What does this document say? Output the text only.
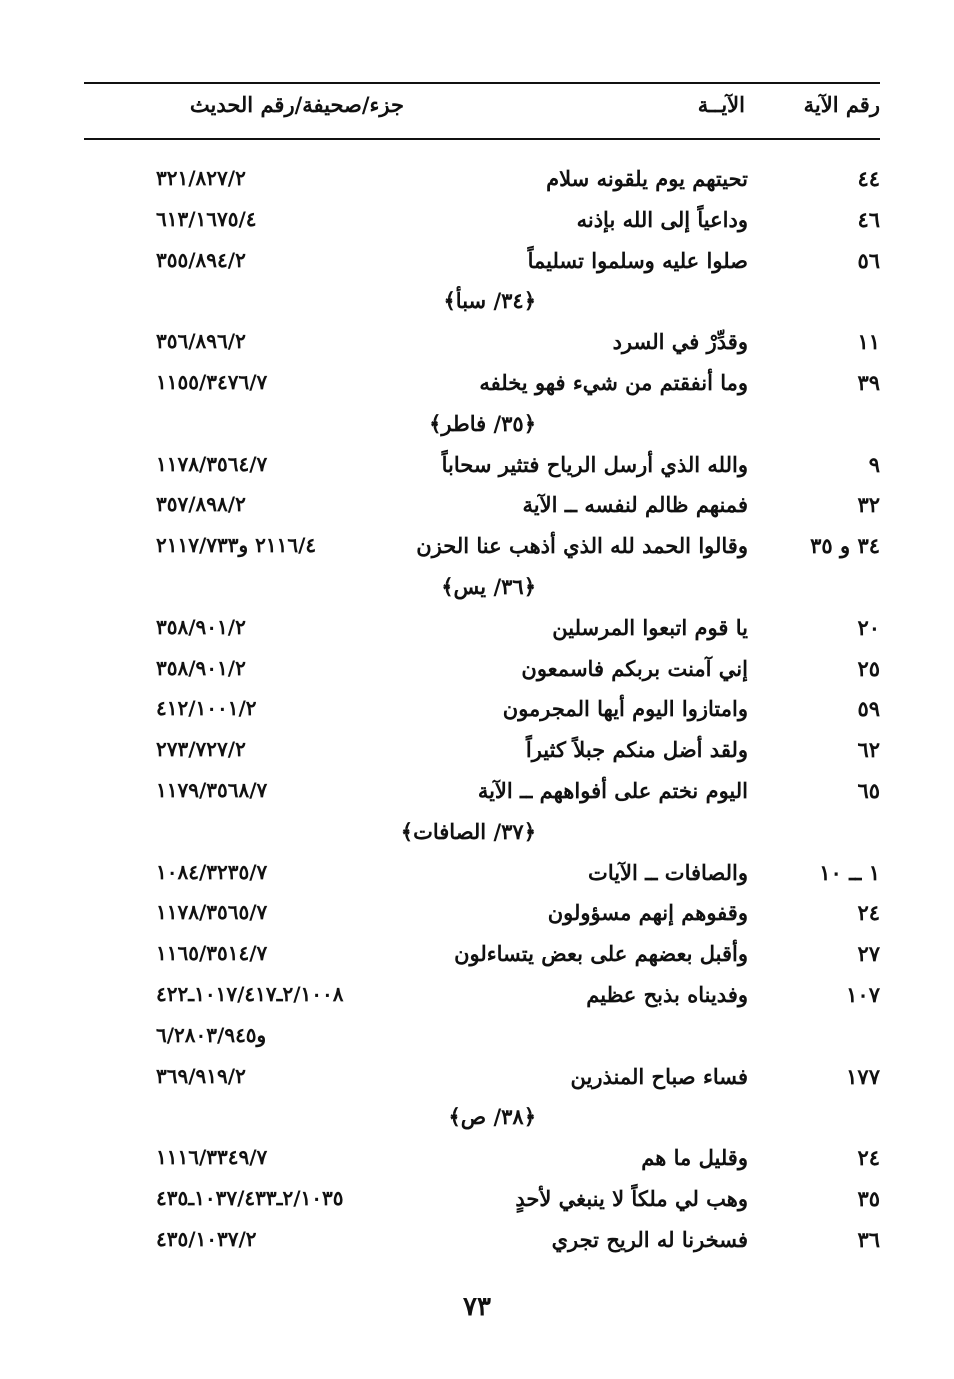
رقم الآية
الآيــة
جزء/صحيفة/رقم الحديث
٤٤
تحيتهم يوم يلقونه سلام
٣٢١/٨٢٧/٢
٤٦
وداعياً إلى الله بإذنه
٦١٣/١٦٧٥/٤
٥٦
صلوا عليه وسلموا تسليماً
٣٥٥/٨٩٤/٢
﴿٣٤/ سبأ﴾
١١
وقدِّرْ في السرد
٣٥٦/٨٩٦/٢
٣٩
وما أنفقتم من شيء فهو يخلفه
١١٥٥/٣٤٧٦/٧
﴿٣٥/ فاطر﴾
٩
والله الذي أرسل الرياح فتثير سحاباً
١١٧٨/٣٥٦٤/٧
٣٢
فمنهم ظالم لنفسه ــ الآية
٣٥٧/٨٩٨/٢
٣٤ و ٣٥
وقالوا الحمد لله الذي أذهب عنا الحزن
٢١١٦/٤ و٢١١٧/٧٣٣
﴿٣٦/ يس﴾
٢٠
يا قوم اتبعوا المرسلين
٣٥٨/٩٠١/٢
٢٥
إني آمنت بربكم فاسمعون
٣٥٨/٩٠١/٢
٥٩
وامتازوا اليوم أيها المجرمون
٤١٢/١٠٠١/٢
٦٢
ولقد أضل منكم جبلاً كثيراً
٢٧٣/٧٢٧/٢
٦٥
اليوم نختم على أفواههم ــ الآية
١١٧٩/٣٥٦٨/٧
﴿٣٧/ الصافات﴾
١ ــ ١٠
والصافات ــ الآيات
١٠٨٤/٣٢٣٥/٧
٢٤
وقفوهم إنهم مسؤولون
١١٧٨/٣٥٦٥/٧
٢٧
وأقبل بعضهم على بعض يتساءلون
١١٦٥/٣٥١٤/٧
١٠٧
وفديناه بذبح عظيم
٢/١٠٠٨ـ١٠١٧/٤١٧ـ٤٢٢
و٦/٢٨٠٣/٩٤٥
١٧٧
فساء صباح المنذرين
٣٦٩/٩١٩/٢
﴿٣٨/ ص﴾
٢٤
وقليل ما هم
١١١٦/٣٣٤٩/٧
٣٥
وهب لي ملكاً لا ينبغي لأحدٍ
٢/١٠٣٥ـ١٠٣٧/٤٣٣ـ٤٣٥
٣٦
فسخرنا له الريح تجري
٤٣٥/١٠٣٧/٢
٧٣
